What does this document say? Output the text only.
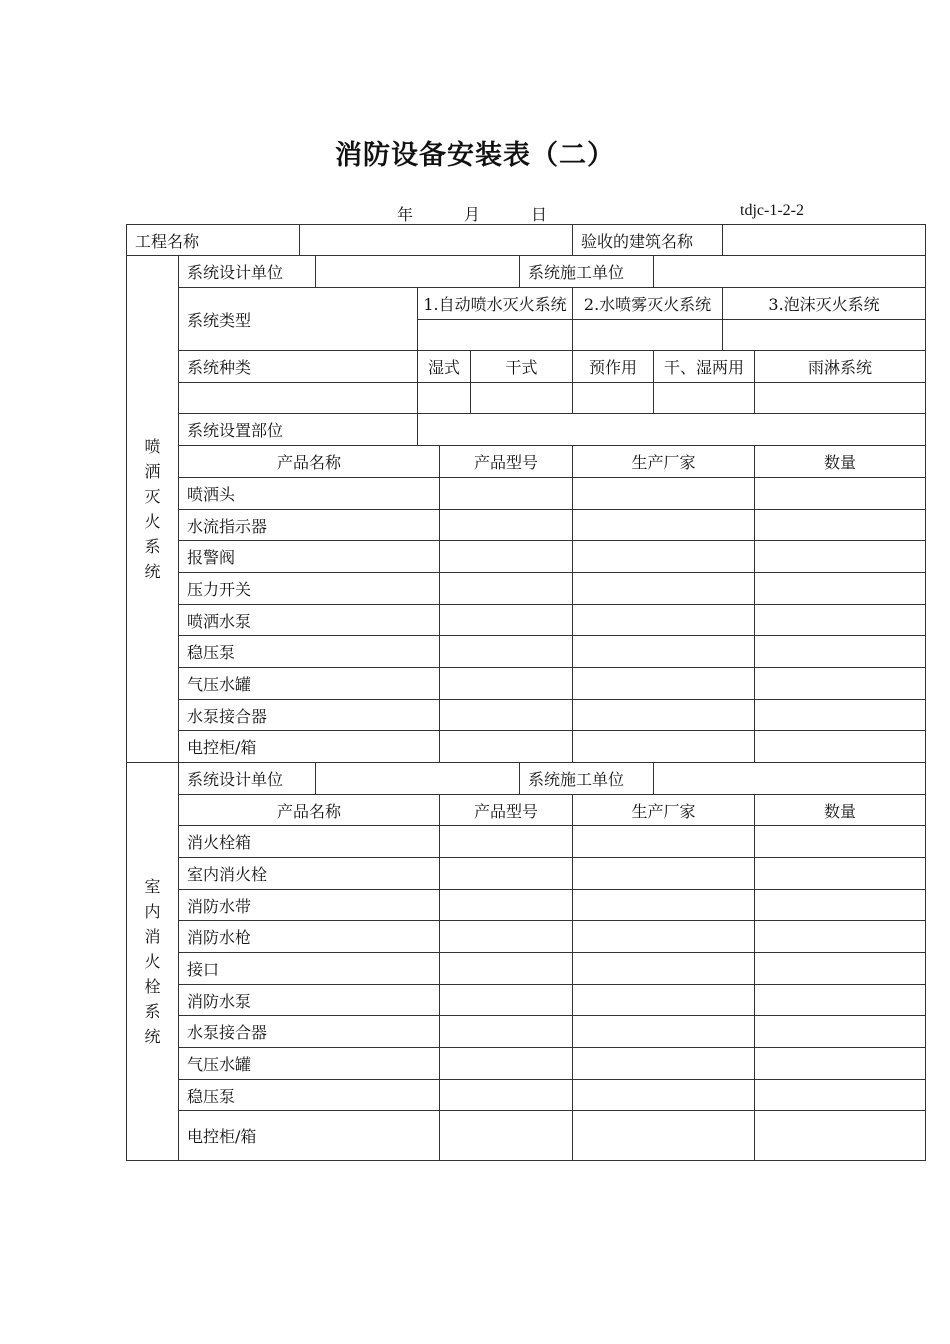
消防设备安装表（二）
年	月	日	tdjc-1-2-2
工程名称								验收的建筑名称			
喷洒灭火系统	系统设计单位						系统施工单位				
	系统类型			1.自动喷水灭火系统				2.水喷雾灭火系统		3.泡沫灭火系统	

	系统种类			湿式		干式		预作用	干、湿两用		雨淋系统

	系统设置部位										
	产品名称				产品型号			生产厂家			数量
	喷洒头										
	水流指示器										
	报警阀										
	压力开关										
	喷洒水泵										
	稳压泵										
	气压水罐										
	水泵接合器										
	电控柜/箱										
室内消火栓系统	系统设计单位						系统施工单位				
	产品名称				产品型号			生产厂家			数量
	消火栓箱										
	室内消火栓										
	消防水带										
	消防水枪										
	接口										
	消防水泵										
	水泵接合器										
	气压水罐										
	稳压泵										
	电控柜/箱										
